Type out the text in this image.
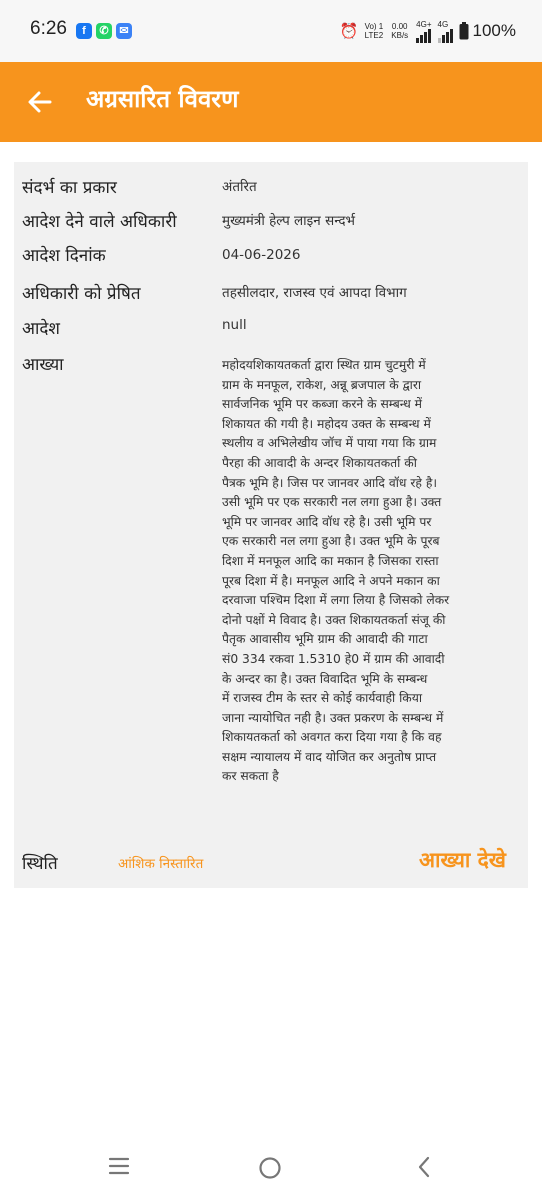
6:26	f	✆ ✉	⏰ Vo) 1
LTE2
0.00
KB/s
4G+ 4G 100%
अग्रसारित विवरण
संदर्भ का प्रकार	अंतरित
आदेश देने वाले अधिकारी	मुख्यमंत्री हेल्प लाइन सन्दर्भ
आदेश दिनांक	04-06-2026
अधिकारी को प्रेषित	तहसीलदार, राजस्व एवं आपदा विभाग
आदेश	null
आख्या	महोदयशिकायतकर्ता द्वारा स्थित ग्राम चुटमुरी में
ग्राम के मनफूल, राकेश, अन्नू ब्रजपाल के द्वारा
सार्वजनिक भूमि पर कब्जा करने के सम्बन्ध में
शिकायत की गयी है। महोदय उक्त के सम्बन्ध में
स्थलीय व अभिलेखीय जॉच में पाया गया कि ग्राम
पैरहा की आवादी के अन्दर शिकायतकर्ता की
पैत्रक भूमि है। जिस पर जानवर आदि वॉध रहे है।
उसी भूमि पर एक सरकारी नल लगा हुआ है। उक्त
भूमि पर जानवर आदि वॉध रहे है। उसी भूमि पर
एक सरकारी नल लगा हुआ है। उक्त भूमि के पूरब
दिशा में मनफूल आदि का मकान है जिसका रास्ता
पूरब दिशा में है। मनफूल आदि ने अपने मकान का
दरवाजा पश्चिम दिशा में लगा लिया है जिसको लेकर
दोनो पक्षों मे विवाद है। उक्त शिकायतकर्ता संजू की
पैतृक आवासीय भूमि ग्राम की आवादी की गाटा
सं0 334 रकवा 1.5310 हे0 में ग्राम की आवादी
के अन्दर का है। उक्त विवादित भूमि के सम्बन्ध
में राजस्व टीम के स्तर से कोई कार्यवाही किया
जाना न्यायोचित नही है। उक्त प्रकरण के सम्बन्ध में
शिकायतकर्ता को अवगत करा दिया गया है कि वह
सक्षम न्यायालय में वाद योजित कर अनुतोष प्राप्त
कर सकता है
स्थिति	आंशिक निस्तारित	आख्या देखे
